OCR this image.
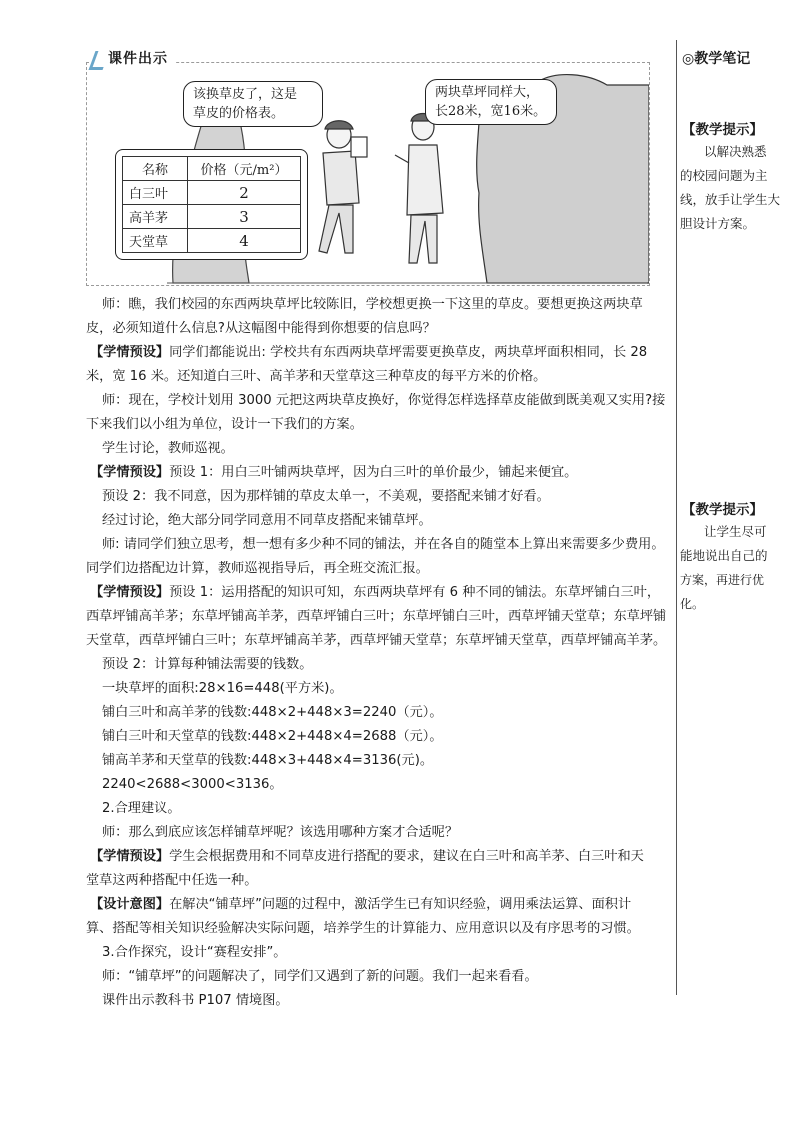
该换草皮了，这是
草皮的价格表。
两块草坪同样大，
长28米，宽16米。
名称	价格（元/m²）
白三叶	2
高羊茅	3
天堂草	4
课件出示
师：瞧，我们校园的东西两块草坪比较陈旧，学校想更换一下这里的草皮。要想更换这两块草
皮，必须知道什么信息?从这幅图中能得到你想要的信息吗？
【学情预设】同学们都能说出: 学校共有东西两块草坪需要更换草皮，两块草坪面积相同，长 28
米，宽 16 米。还知道白三叶、高羊茅和天堂草这三种草皮的每平方米的价格。
师：现在，学校计划用 3000 元把这两块草皮换好，你觉得怎样选择草皮能做到既美观又实用?接
下来我们以小组为单位，设计一下我们的方案。
学生讨论，教师巡视。
【学情预设】预设 1：用白三叶铺两块草坪，因为白三叶的单价最少，铺起来便宜。
预设 2：我不同意，因为那样铺的草皮太单一，不美观，要搭配来铺才好看。
经过讨论，绝大部分同学同意用不同草皮搭配来铺草坪。
师: 请同学们独立思考，想一想有多少种不同的铺法，并在各自的随堂本上算出来需要多少费用。
同学们边搭配边计算，教师巡视指导后，再全班交流汇报。
【学情预设】预设 1：运用搭配的知识可知，东西两块草坪有 6 种不同的铺法。东草坪铺白三叶，
西草坪铺高羊茅；东草坪铺高羊茅，西草坪铺白三叶；东草坪铺白三叶，西草坪铺天堂草；东草坪铺
天堂草，西草坪铺白三叶；东草坪铺高羊茅，西草坪铺天堂草；东草坪铺天堂草，西草坪铺高羊茅。
预设 2：计算每种铺法需要的钱数。
一块草坪的面积:28×16=448(平方米)。
铺白三叶和高羊茅的钱数:448×2+448×3=2240（元）。
铺白三叶和天堂草的钱数:448×2+448×4=2688（元）。
铺高羊茅和天堂草的钱数:448×3+448×4=3136(元)。
2240<2688<3000<3136。
2.合理建议。
师：那么到底应该怎样铺草坪呢？该选用哪种方案才合适呢？
【学情预设】学生会根据费用和不同草皮进行搭配的要求，建议在白三叶和高羊茅、白三叶和天
堂草这两种搭配中任选一种。
【设计意图】在解决“铺草坪”问题的过程中，激活学生已有知识经验，调用乘法运算、面积计
算、搭配等相关知识经验解决实际问题，培养学生的计算能力、应用意识以及有序思考的习惯。
3.合作探究，设计“赛程安排”。
师：“铺草坪”的问题解决了，同学们又遇到了新的问题。我们一起来看看。
课件出示教科书 P107 情境图。
◎教学笔记
【教学提示】
以解决熟悉
的校园问题为主
线，放手让学生大
胆设计方案。
【教学提示】
让学生尽可
能地说出自己的
方案，再进行优化。
